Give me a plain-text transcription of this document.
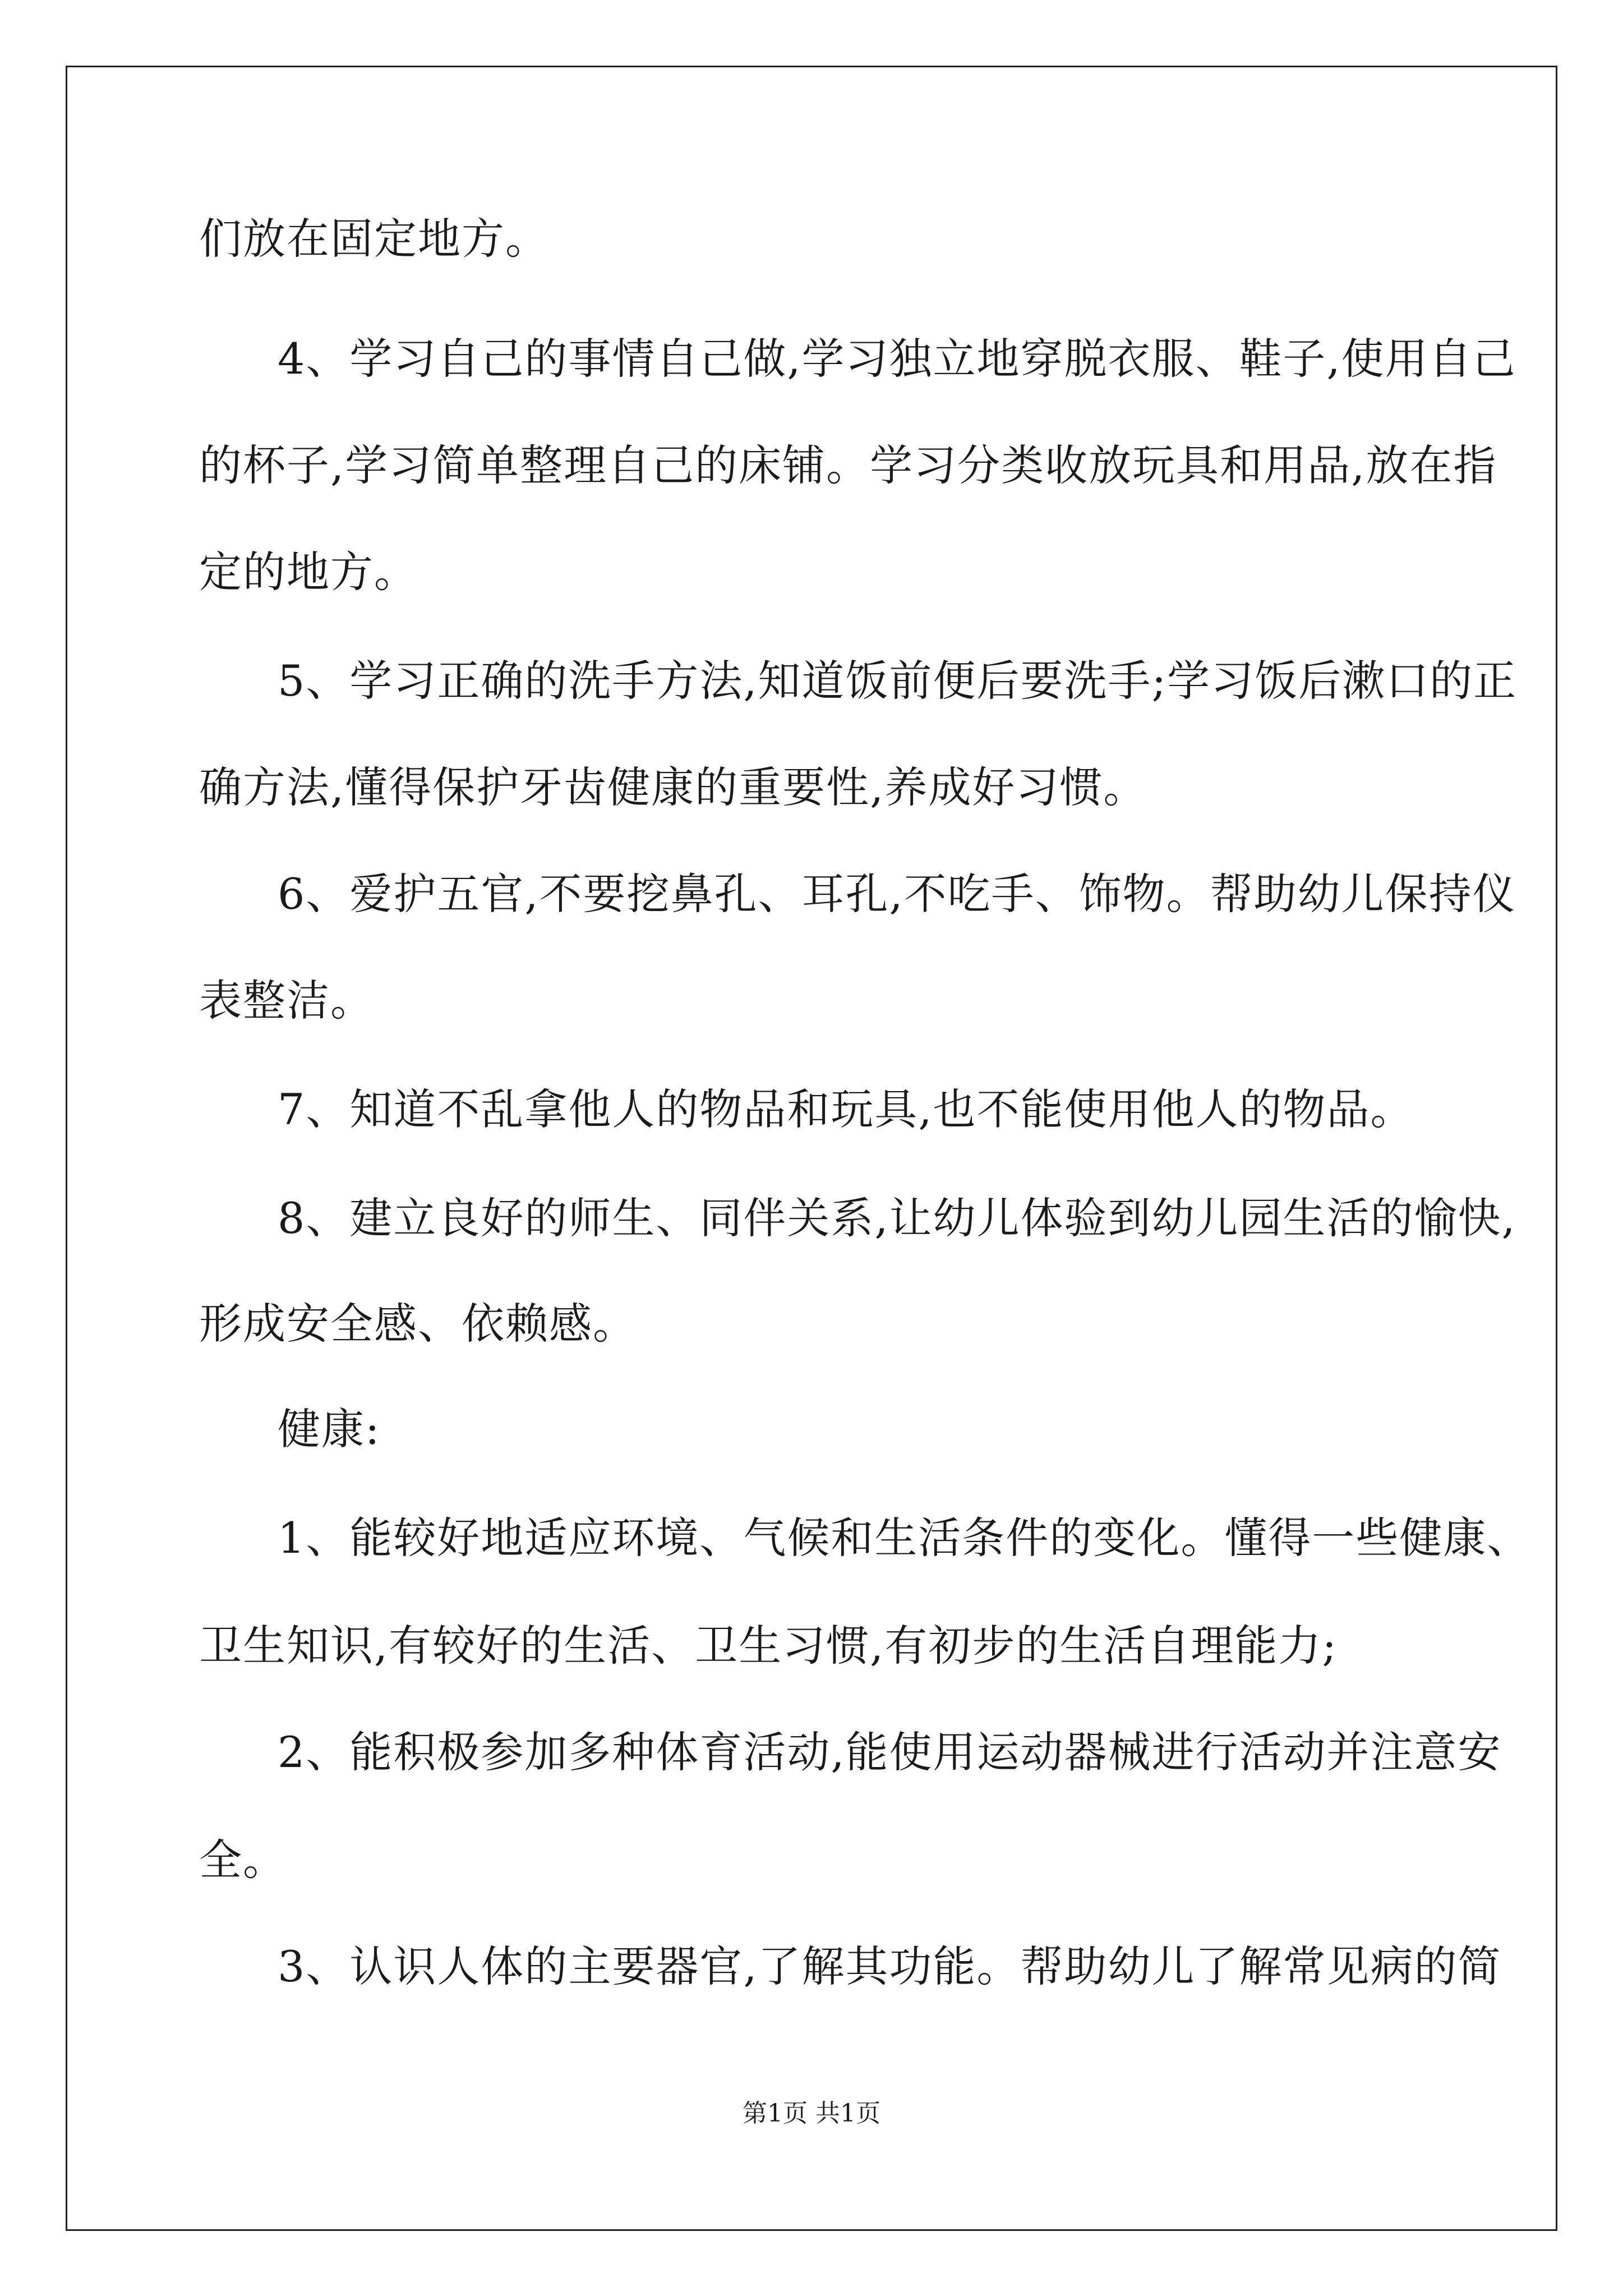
们放在固定地方。
4、学习自己的事情自己做,学习独立地穿脱衣服、鞋子,使用自己
的杯子,学习简单整理自己的床铺。学习分类收放玩具和用品,放在指
定的地方。
5、学习正确的洗手方法,知道饭前便后要洗手;学习饭后漱口的正
确方法,懂得保护牙齿健康的重要性,养成好习惯。
6、爱护五官,不要挖鼻孔、耳孔,不吃手、饰物。帮助幼儿保持仪
表整洁。
7、知道不乱拿他人的物品和玩具,也不能使用他人的物品。
8、建立良好的师生、同伴关系,让幼儿体验到幼儿园生活的愉快,
形成安全感、依赖感。
健康:
1、能较好地适应环境、气候和生活条件的变化。懂得一些健康、
卫生知识,有较好的生活、卫生习惯,有初步的生活自理能力;
2、能积极参加多种体育活动,能使用运动器械进行活动并注意安
全。
3、认识人体的主要器官,了解其功能。帮助幼儿了解常见病的简
第1页 共1页
